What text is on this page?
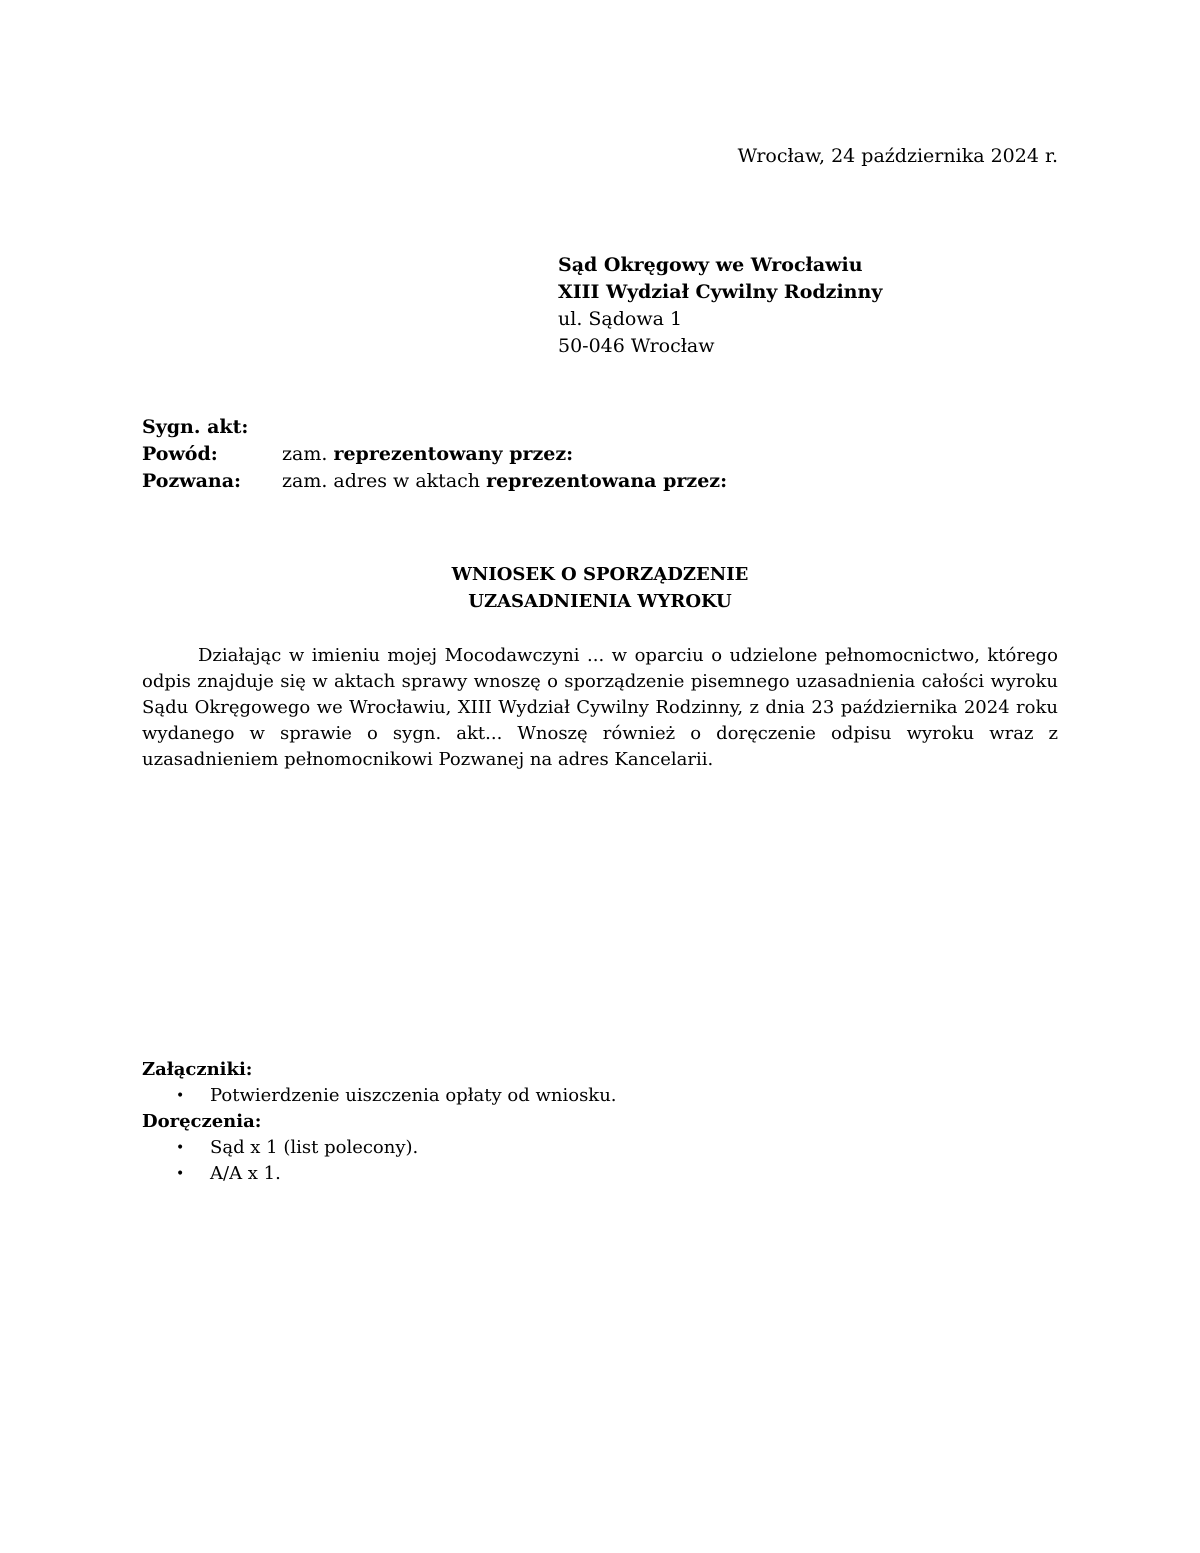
Wrocław, 24 października 2024 r.
Sąd Okręgowy we Wrocławiu
XIII Wydział Cywilny Rodzinny
ul. Sądowa 1
50-046 Wrocław
Sygn. akt:
Powód:	zam. reprezentowany przez:
Pozwana:	zam. adres w aktach reprezentowana przez:
WNIOSEK O SPORZĄDZENIE
UZASADNIENIA WYROKU

Działając w imieniu mojej Mocodawczyni ... w oparciu o udzielone pełnomocnictwo, którego odpis znajduje się w aktach sprawy wnoszę o sporządzenie pisemnego uzasadnienia całości wyroku Sądu Okręgowego we Wrocławiu, XIII Wydział Cywilny Rodzinny, z dnia 23 października 2024 roku wydanego w sprawie o sygn. akt... Wnoszę również o doręczenie odpisu wyroku wraz z uzasadnieniem pełnomocnikowi Pozwanej na adres Kancelarii.

Załączniki:
•	Potwierdzenie uiszczenia opłaty od wniosku.
Doręczenia:
•	Sąd x 1 (list polecony).
•	A/A x 1.
